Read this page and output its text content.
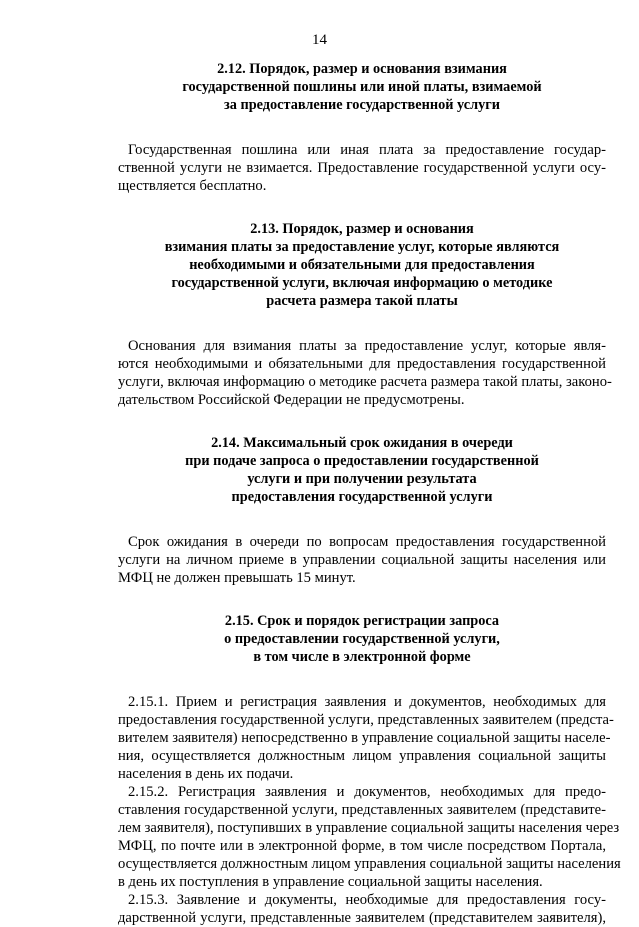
14
2.12. Порядок, размер и основания взимания
государственной пошлины или иной платы, взимаемой
за предоставление государственной услуги
Государственная пошлина или иная плата за предоставление государ-
ственной услуги не взимается. Предоставление государственной услуги осу-
ществляется бесплатно.
2.13. Порядок, размер и основания
взимания платы за предоставление услуг, которые являются
необходимыми и обязательными для предоставления
государственной услуги, включая информацию о методике
расчета размера такой платы
Основания для взимания платы за предоставление услуг, которые явля-
ются необходимыми и обязательными для предоставления государственной
услуги, включая информацию о методике расчета размера такой платы, законо-
дательством Российской Федерации не предусмотрены.
2.14. Максимальный срок ожидания в очереди
при подаче запроса о предоставлении государственной
услуги и при получении результата
предоставления государственной услуги
Срок ожидания в очереди по вопросам предоставления государственной
услуги на личном приеме в управлении социальной защиты населения или
МФЦ не должен превышать 15 минут.
2.15. Срок и порядок регистрации запроса
о предоставлении государственной услуги,
в том числе в электронной форме
2.15.1. Прием и регистрация заявления и документов, необходимых для
предоставления государственной услуги, представленных заявителем (предста-
вителем заявителя) непосредственно в управление социальной защиты населе-
ния, осуществляется должностным лицом управления социальной защиты
населения в день их подачи.
2.15.2. Регистрация заявления и документов, необходимых для предо-
ставления государственной услуги, представленных заявителем (представите-
лем заявителя), поступивших в управление социальной защиты населения через
МФЦ, по почте или в электронной форме, в том числе посредством Портала,
осуществляется должностным лицом управления социальной защиты населения
в день их поступления в управление социальной защиты населения.
2.15.3. Заявление и документы, необходимые для предоставления госу-
дарственной услуги, представленные заявителем (представителем заявителя),
